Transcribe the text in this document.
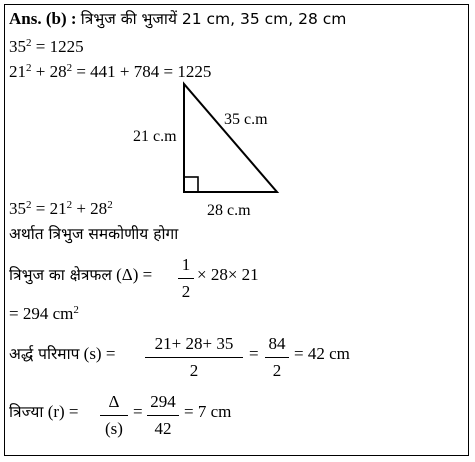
Ans. (b) : त्रिभुज की भुजायें 21 cm, 35 cm, 28 cm
$35^2 = 1225$
$21^2 + 28^2 = 441 + 784 = 1225$
21 c.m
35 c.m
28 c.m
$35^2 = 21^2 + 28^2$
अर्थात त्रिभुज समकोणीय होगा
त्रिभुज का क्षेत्रफल (Δ) =
1
2
× 28× 21
= 294 $cm^2$
अर्द्ध परिमाप (s) =
21+ 28+ 35
2
=
84
2
= 42 cm
त्रिज्या (r) =
Δ
(s)
=
294
42
= 7 cm
